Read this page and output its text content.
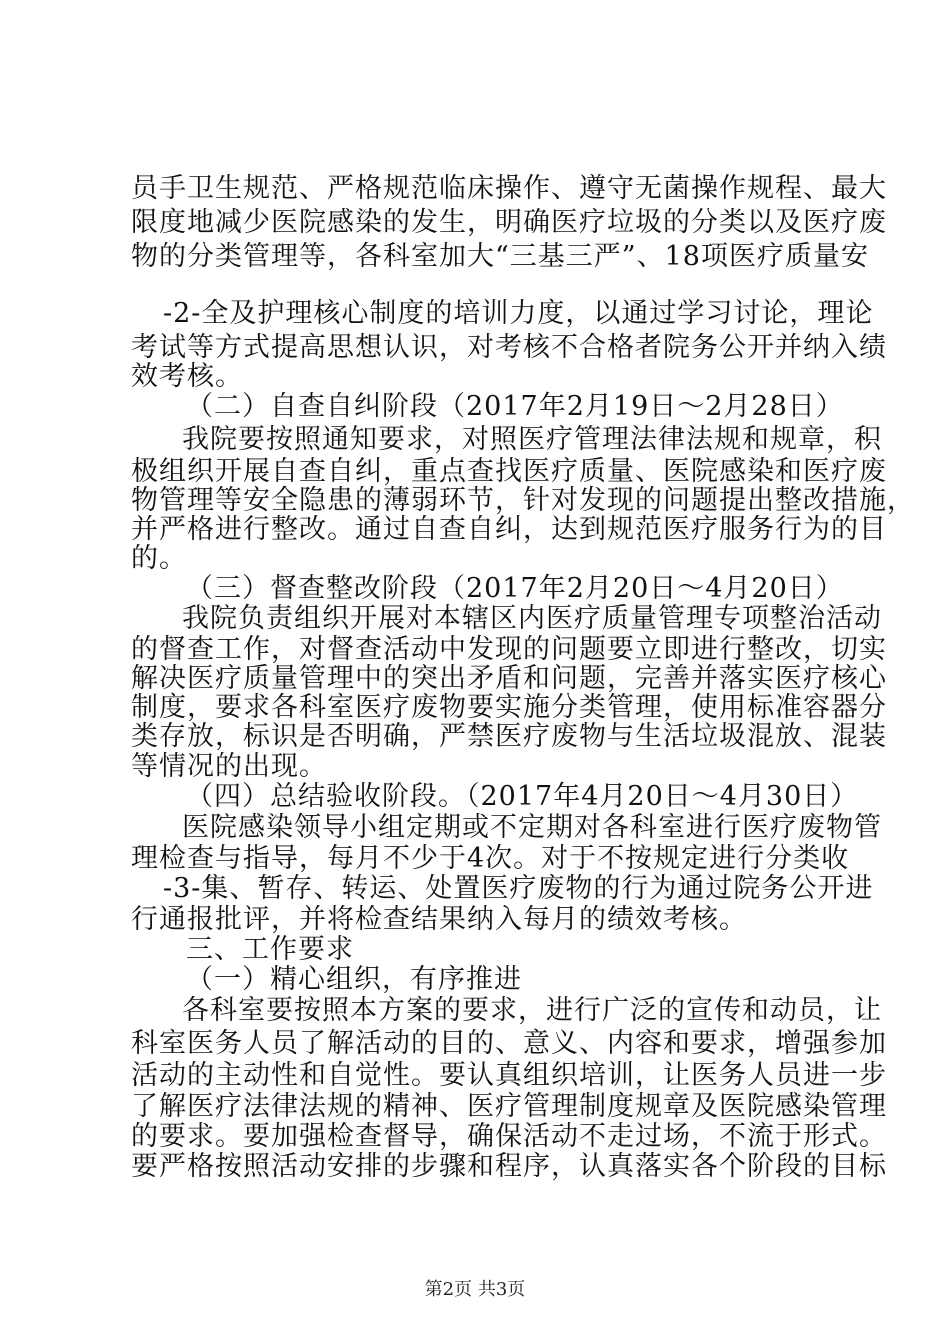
员手卫生规范、严格规范临床操作、遵守无菌操作规程、最大
限度地减少医院感染的发生，明确医疗垃圾的分类以及医疗废
物的分类管理等，各科室加大“三基三严”、18项医疗质量安
-2-全及护理核心制度的培训力度，以通过学习讨论，理论
考试等方式提高思想认识，对考核不合格者院务公开并纳入绩
效考核。
（二）自查自纠阶段（2017年2月19日～2月28日）
我院要按照通知要求，对照医疗管理法律法规和规章，积
极组织开展自查自纠，重点查找医疗质量、医院感染和医疗废
物管理等安全隐患的薄弱环节，针对发现的问题提出整改措施，
并严格进行整改。通过自查自纠，达到规范医疗服务行为的目
的。
（三）督查整改阶段（2017年2月20日～4月20日）
我院负责组织开展对本辖区内医疗质量管理专项整治活动
的督查工作，对督查活动中发现的问题要立即进行整改，切实
解决医疗质量管理中的突出矛盾和问题，完善并落实医疗核心
制度，要求各科室医疗废物要实施分类管理，使用标准容器分
类存放，标识是否明确，严禁医疗废物与生活垃圾混放、混装
等情况的出现。
（四）总结验收阶段。（2017年4月20日～4月30日）
医院感染领导小组定期或不定期对各科室进行医疗废物管
理检查与指导，每月不少于4次。对于不按规定进行分类收
-3-集、暂存、转运、处置医疗废物的行为通过院务公开进
行通报批评，并将检查结果纳入每月的绩效考核。
三、工作要求
（一）精心组织，有序推进
各科室要按照本方案的要求，进行广泛的宣传和动员，让
科室医务人员了解活动的目的、意义、内容和要求，增强参加
活动的主动性和自觉性。要认真组织培训，让医务人员进一步
了解医疗法律法规的精神、医疗管理制度规章及医院感染管理
的要求。要加强检查督导，确保活动不走过场，不流于形式。
要严格按照活动安排的步骤和程序，认真落实各个阶段的目标
第2页 共3页
